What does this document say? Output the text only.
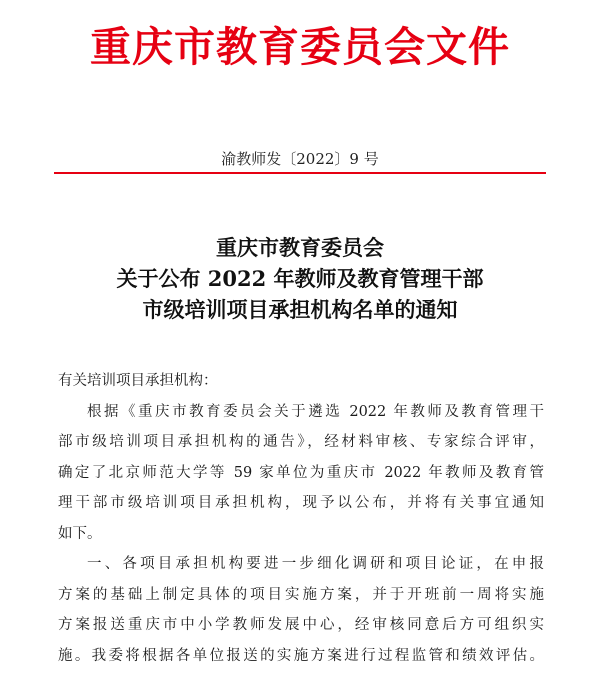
重庆市教育委员会文件
渝教师发〔2022〕9 号
重庆市教育委员会
关于公布 2022 年教师及教育管理干部
市级培训项目承担机构名单的通知

有关培训项目承担机构：

根据《重庆市教育委员会关于遴选 2022 年教师及教育管理干
部市级培训项目承担机构的通告》，经材料审核、专家综合评审，
确定了北京师范大学等 59 家单位为重庆市 2022 年教师及教育管
理干部市级培训项目承担机构，现予以公布，并将有关事宜通知
如下。

一、各项目承担机构要进一步细化调研和项目论证，在申报
方案的基础上制定具体的项目实施方案，并于开班前一周将实施
方案报送重庆市中小学教师发展中心，经审核同意后方可组织实
施。我委将根据各单位报送的实施方案进行过程监管和绩效评估。
